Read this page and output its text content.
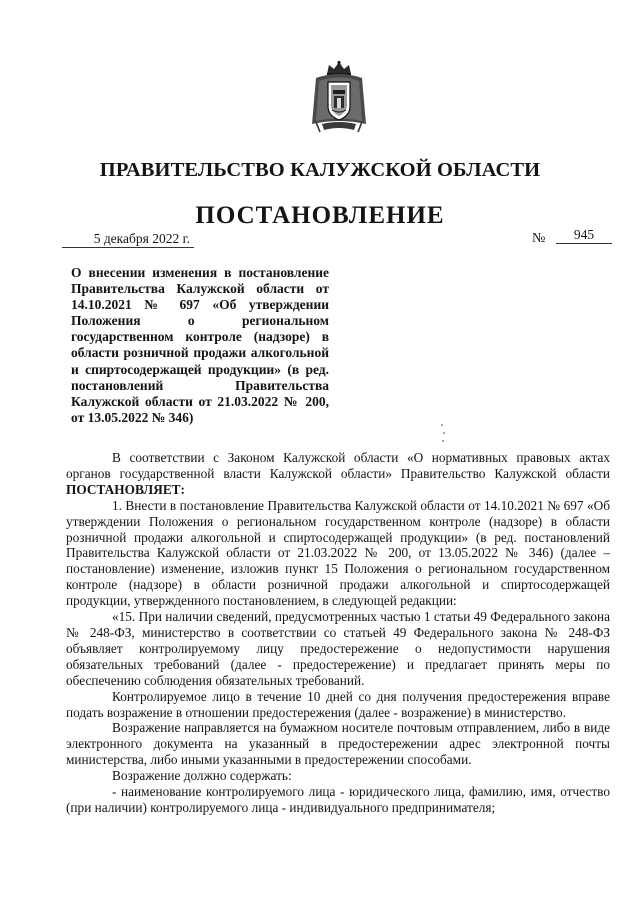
ПРАВИТЕЛЬСТВО КАЛУЖСКОЙ ОБЛАСТИ
ПОСТАНОВЛЕНИЕ
5 декабря 2022 г.	№	945

О внесении изменения в постановление Правительства Калужской области от 14.10.2021 № 697 «Об утверждении Положения о региональном государственном контроле (надзоре) в области розничной продажи алкогольной и спиртосодержащей продукции» (в ред. постановлений Правительства Калужской области от 21.03.2022 № 200, от 13.05.2022 № 346)

В соответствии с Законом Калужской области «О нормативных правовых актах органов государственной власти Калужской области» Правительство Калужской области ПОСТАНОВЛЯЕТ:

1. Внести в постановление Правительства Калужской области от 14.10.2021 № 697 «Об утверждении Положения о региональном государственном контроле (надзоре) в области розничной продажи алкогольной и спиртосодержащей продукции» (в ред. постановлений Правительства Калужской области от 21.03.2022 № 200, от 13.05.2022 № 346) (далее – постановление) изменение, изложив пункт 15 Положения о региональном государственном контроле (надзоре) в области розничной продажи алкогольной и спиртосодержащей продукции, утвержденного постановлением, в следующей редакции:

«15. При наличии сведений, предусмотренных частью 1 статьи 49 Федерального закона № 248-ФЗ, министерство в соответствии со статьей 49 Федерального закона № 248-ФЗ объявляет контролируемому лицу предостережение о недопустимости нарушения обязательных требований (далее - предостережение) и предлагает принять меры по обеспечению соблюдения обязательных требований.

Контролируемое лицо в течение 10 дней со дня получения предостережения вправе подать возражение в отношении предостережения (далее - возражение) в министерство.

Возражение направляется на бумажном носителе почтовым отправлением, либо в виде электронного документа на указанный в предостережении адрес электронной почты министерства, либо иными указанными в предостережении способами.

Возражение должно содержать:

- наименование контролируемого лица - юридического лица, фамилию, имя, отчество (при наличии) контролируемого лица - индивидуального предпринимателя;
